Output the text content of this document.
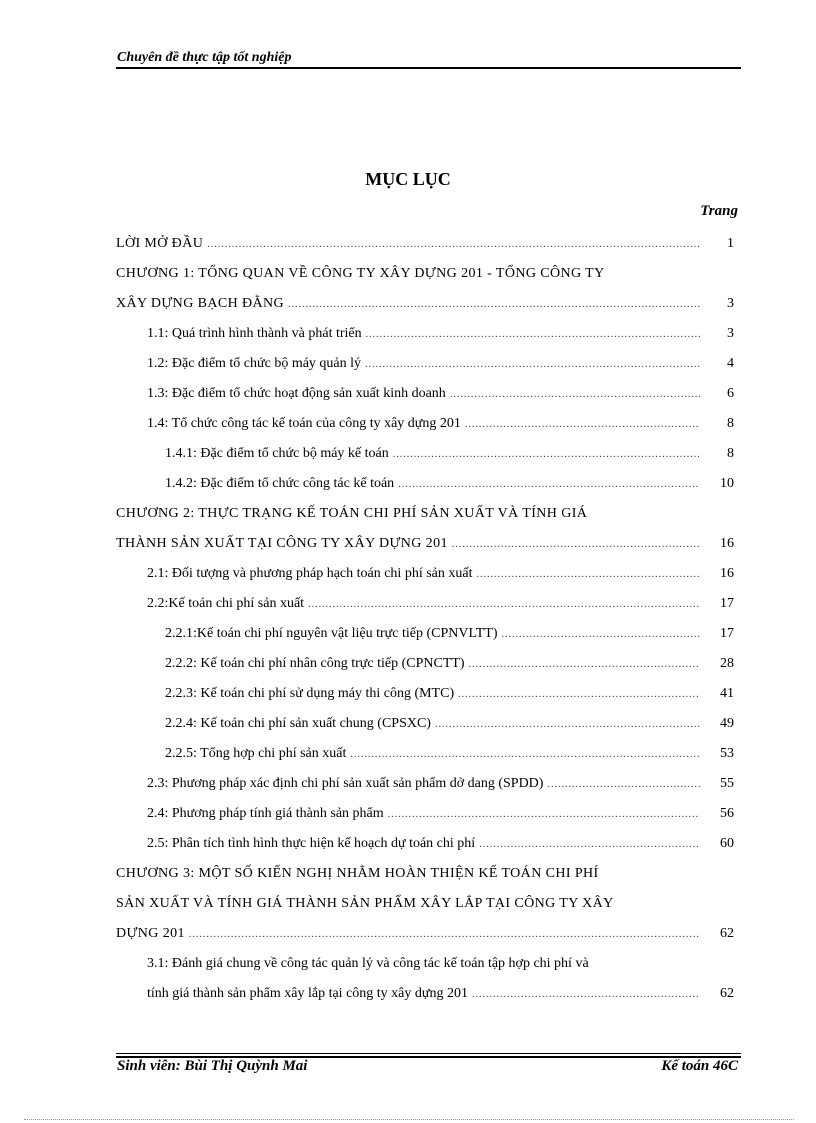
Chuyên đề thực tập tốt nghiệp
MỤC LỤC
Trang
LỜI MỞ ĐẦU .....	1
CHƯƠNG 1: TỔNG QUAN VỀ CÔNG TY XÂY DỰNG 201 - TỔNG CÔNG TY
XÂY DỰNG BẠCH ĐẰNG .....	3
1.1: Quá trình hình thành và phát triển .....	3
1.2: Đặc điểm tổ chức bộ máy quản lý .....	4
1.3: Đặc điểm tổ chức hoạt động sản xuất kinh doanh .....	6
1.4: Tổ chức công tác kế toán của công ty xây dựng 201 .....	8
1.4.1: Đặc điểm tổ chức bộ máy kế toán .....	8
1.4.2: Đặc điểm tổ chức công tác kế toán .....	10
CHƯƠNG 2: THỰC TRẠNG KẾ TOÁN CHI PHÍ SẢN XUẤT VÀ TÍNH GIÁ
THÀNH SẢN XUẤT TẠI CÔNG TY XÂY DỰNG 201 .....	16
2.1: Đối tượng và phương pháp hạch toán chi phí sản xuất .....	16
2.2:Kế toán chi phí sản xuất .....	17
2.2.1:Kế toán chi phí nguyên vật liệu trực tiếp (CPNVLTT) .....	17
2.2.2: Kế toán chi phí nhân công trực tiếp (CPNCTT) .....	28
2.2.3: Kế toán chi phí sử dụng máy thi công (MTC) .....	41
2.2.4: Kế toán chi phí sản xuất chung (CPSXC) .....	49
2.2.5: Tổng hợp chi phí sản xuất .....	53
2.3: Phương pháp xác định chi phí sản xuất sản phẩm dở dang (SPDD) .....	55
2.4: Phương pháp tính giá thành sản phẩm .....	56
2.5: Phân tích tình hình thực hiện kế hoạch dự toán chi phí .....	60
CHƯƠNG 3: MỘT SỐ KIẾN NGHỊ NHẰM HOÀN THIỆN KẾ TOÁN CHI PHÍ
SẢN XUẤT VÀ TÍNH GIÁ THÀNH SẢN PHẨM XÂY LẮP TẠI CÔNG TY XÂY
DỰNG 201 .....	62
3.1: Đánh giá chung về công tác quản lý và công tác kế toán tập hợp chi phí và
tính giá thành sản phẩm xây lắp tại công ty xây dựng 201 .....	62
Sinh viên: Bùi Thị Quỳnh Mai	Kế toán 46C
